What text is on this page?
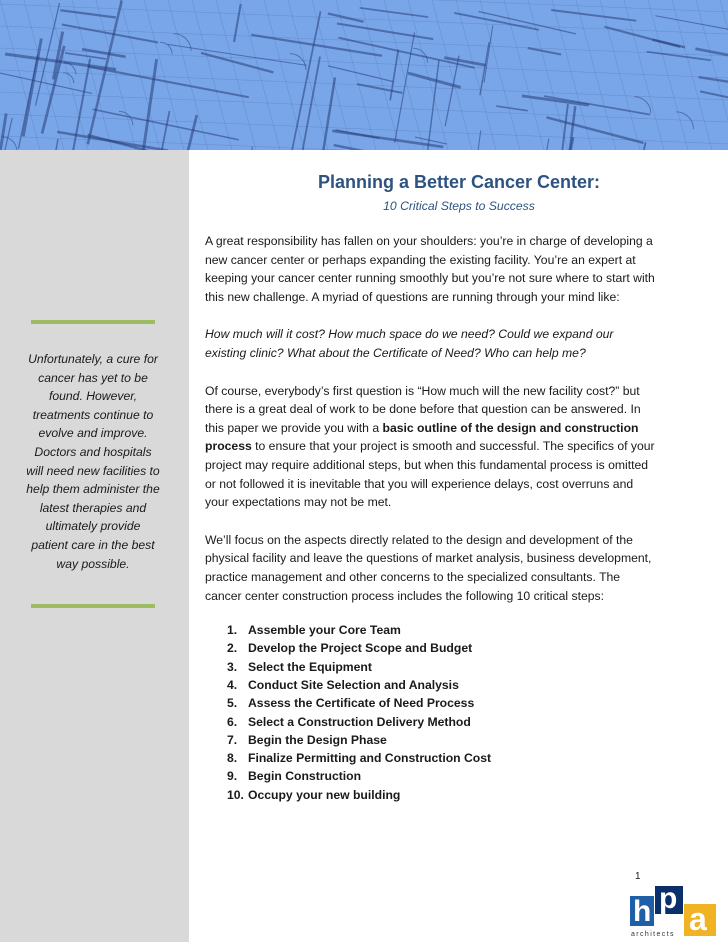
Unfortunately, a cure for cancer has yet to be found. However, treatments continue to evolve and improve. Doctors and hospitals will need new facilities to help them administer the latest therapies and ultimately provide patient care in the best way possible.
Planning a Better Cancer Center:
10 Critical Steps to Success

A great responsibility has fallen on your shoulders: you’re in charge of developing a new cancer center or perhaps expanding the existing facility. You’re an expert at keeping your cancer center running smoothly but you’re not sure where to start with this new challenge. A myriad of questions are running through your mind like:

How much will it cost? How much space do we need? Could we expand our existing clinic? What about the Certificate of Need? Who can help me?

Of course, everybody’s first question is “How much will the new facility cost?” but there is a great deal of work to be done before that question can be answered. In this paper we provide you with a basic outline of the design and construction process to ensure that your project is smooth and successful. The specifics of your project may require additional steps, but when this fundamental process is omitted or not followed it is inevitable that you will experience delays, cost overruns and your expectations may not be met.

We’ll focus on the aspects directly related to the design and development of the physical facility and leave the questions of market analysis, business development, practice management and other concerns to the specialized consultants. The cancer center construction process includes the following 10 critical steps:

1. Assemble your Core Team
2. Develop the Project Scope and Budget
3. Select the Equipment
4. Conduct Site Selection and Analysis
5. Assess the Certificate of Need Process
6. Select a Construction Delivery Method
7. Begin the Design Phase
8. Finalize Permitting and Construction Cost
9. Begin Construction
10. Occupy your new building
1
h p
a
architects
